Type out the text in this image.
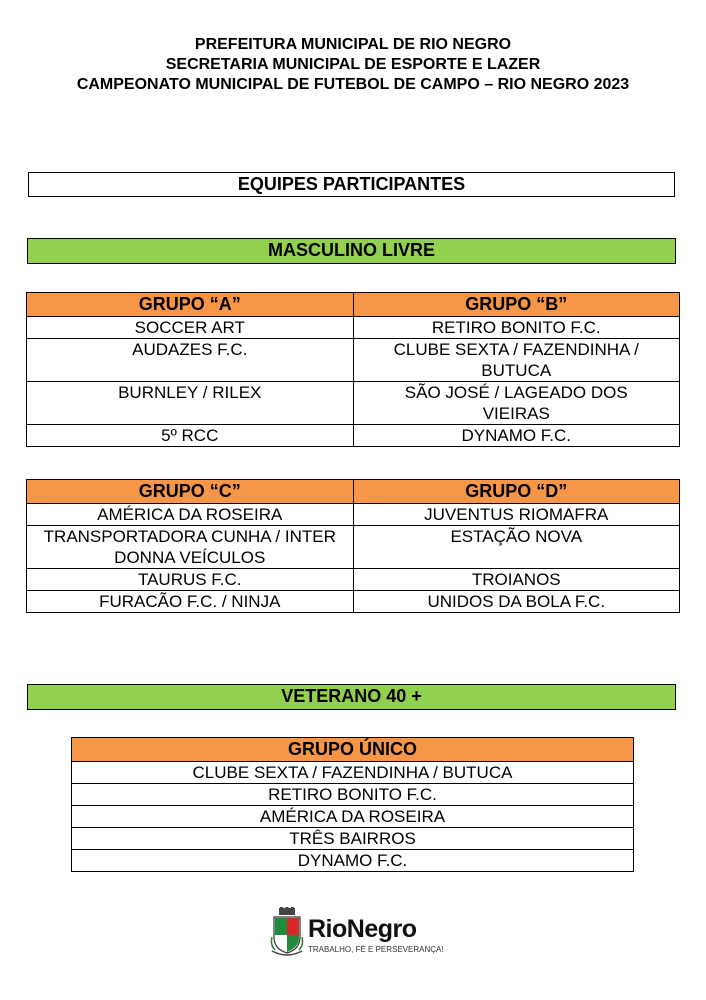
PREFEITURA MUNICIPAL DE RIO NEGRO
SECRETARIA MUNICIPAL DE ESPORTE E LAZER
CAMPEONATO MUNICIPAL DE FUTEBOL DE CAMPO – RIO NEGRO 2023
EQUIPES PARTICIPANTES
MASCULINO LIVRE
GRUPO “A”	GRUPO “B”
SOCCER ART	RETIRO BONITO F.C.
AUDAZES F.C.	CLUBE SEXTA / FAZENDINHA / BUTUCA
BURNLEY / RILEX	SÃO JOSÉ / LAGEADO DOS VIEIRAS
5º RCC	DYNAMO F.C.
GRUPO “C”	GRUPO “D”
AMÉRICA DA ROSEIRA	JUVENTUS RIOMAFRA
TRANSPORTADORA CUNHA / INTER DONNA VEÍCULOS	ESTAÇÃO NOVA
TAURUS F.C.	TROIANOS
FURACÃO F.C. / NINJA	UNIDOS DA BOLA F.C.
VETERANO 40 +
GRUPO ÚNICO
CLUBE SEXTA / FAZENDINHA / BUTUCA
RETIRO BONITO F.C.
AMÉRICA DA ROSEIRA
TRÊS BAIRROS
DYNAMO F.C.
RioNegro
TRABALHO, FÉ E PERSEVERANÇA!
